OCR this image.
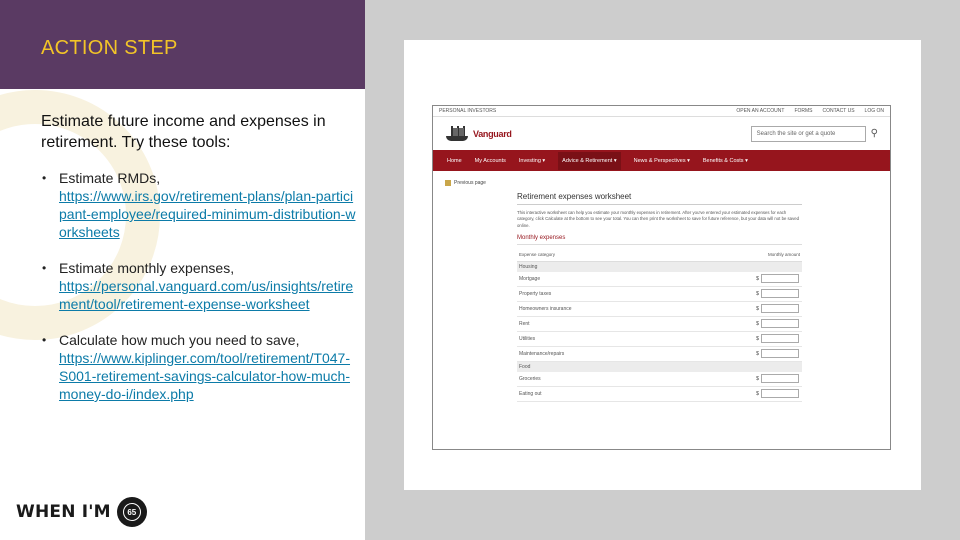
ACTION STEP
Estimate future income and expenses in retirement. Try these tools:
• Estimate RMDs,
https://www.irs.gov/retirement-plans/plan-participant-employee/required-minimum-distribution-worksheets
• Estimate monthly expenses,
https://personal.vanguard.com/us/insights/retirement/tool/retirement-expense-worksheet
• Calculate how much you need to save,
https://www.kiplinger.com/tool/retirement/T047-S001-retirement-savings-calculator-how-much-money-do-i/index.php
WHEN I'M	65
PERSONAL INVESTORS	OPEN AN ACCOUNT FORMS CONTACT US LOG ON
Vanguard	Search the site or get a quote	⚲
Home My Accounts Investing ▾	Advice & Retirement ▾	News & Perspectives ▾ Benefits & Costs ▾
Previous page
Retirement expenses worksheet
This interactive worksheet can help you estimate your monthly expenses in retirement. After you've entered your estimated expenses for each category, click Calculate at the bottom to see your total. You can then print the worksheet to save for future reference, but your data will not be saved online.
Monthly expenses
Expense category	Monthly amount
Housing
Mortgage	$
Property taxes	$
Homeowners insurance	$
Rent	$
Utilities	$
Maintenance/repairs	$
Food
Groceries	$
Eating out	$
